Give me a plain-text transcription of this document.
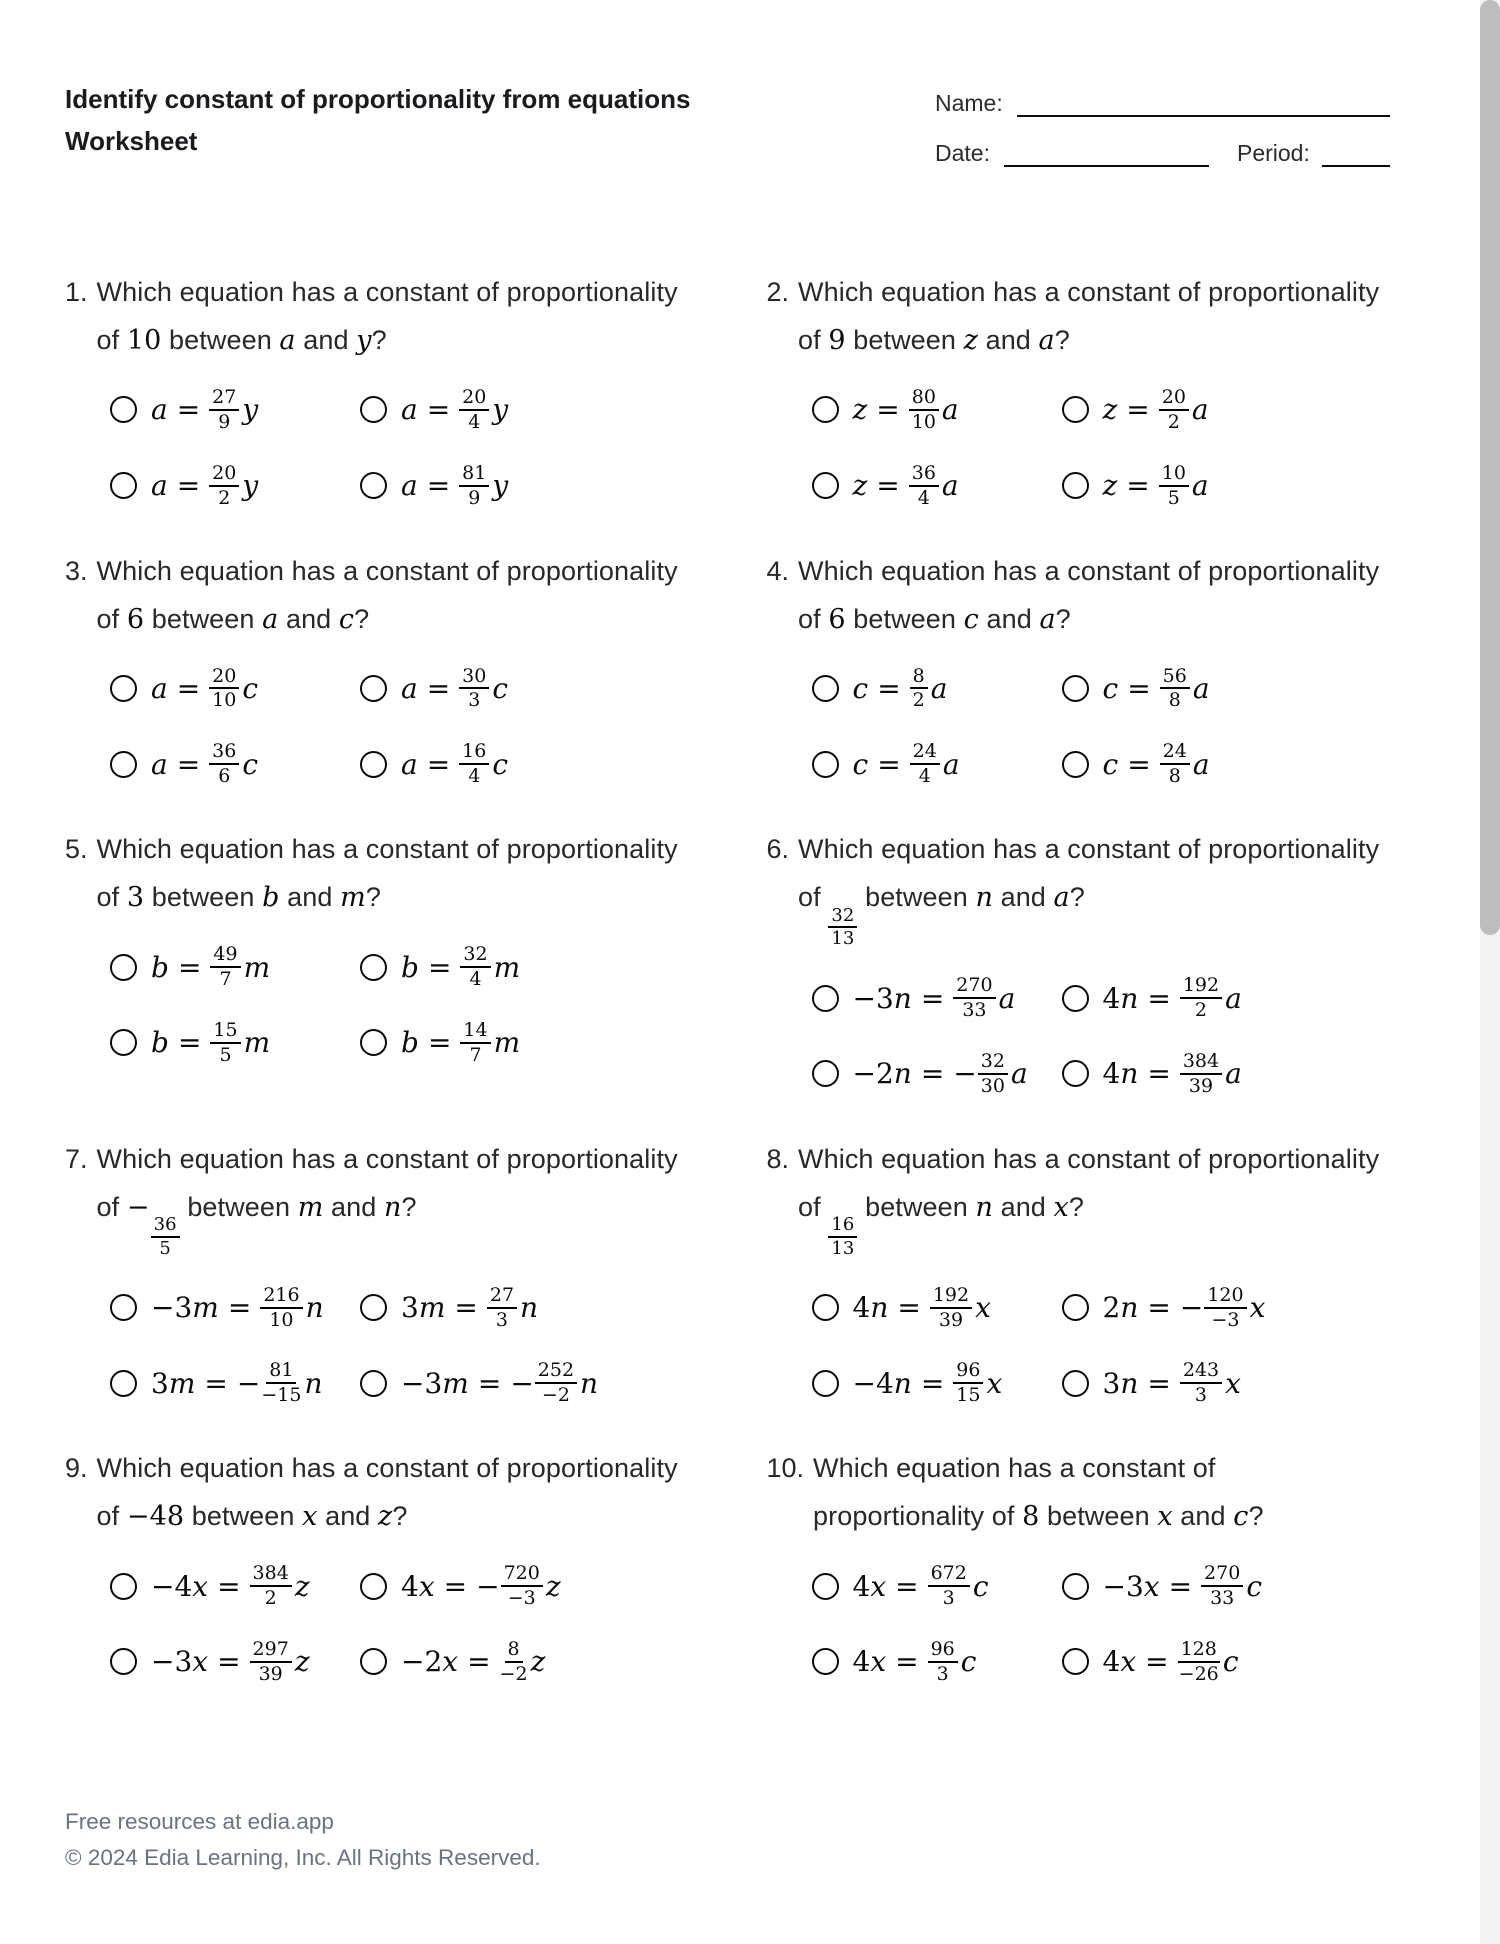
Identify constant of proportionality from equations
Worksheet
Name:
Date:	Period:
1. Which equation has a constant of proportionality
of 10 between a and y?
$a = \frac{27}{9}$ y	$a = \frac{20}{4}$ y
$a = \frac{20}{2}$ y	$a = \frac{81}{9}$ y
2. Which equation has a constant of proportionality
of 9 between z and a?
$z = \frac{80}{10}$ a	$z = \frac{20}{2}$ a
$z = \frac{36}{4}$ a	$z = \frac{10}{5}$ a
3. Which equation has a constant of proportionality
of 6 between a and c?
$a = \frac{20}{10}$ c	$a = \frac{30}{3}$ c
$a = \frac{36}{6}$ c	$a = \frac{16}{4}$ c
4. Which equation has a constant of proportionality
of 6 between c and a?
$c = \frac{8}{2}$ a	$c = \frac{56}{8}$ a
$c = \frac{24}{4}$ a	$c = \frac{24}{8}$ a
5. Which equation has a constant of proportionality
of 3 between b and m?
$b = \frac{49}{7}$ m	$b = \frac{32}{4}$ m
$b = \frac{15}{5}$ m	$b = \frac{14}{7}$ m
6. Which equation has a constant of proportionality
of
$\frac{32}{13}$
between n and a?
−3 $n = \frac{270}{33}$ a	4 $n = \frac{192}{2}$ a
−2 n = − $\frac{32}{30}$ a	4 $n = \frac{384}{39}$ a
7. Which equation has a constant of proportionality
of −
$\frac{36}{5}$
between m and n?
−3 $m = \frac{216}{10}$ n	3 $m = \frac{27}{3}$ n
3 m = − $\frac{81}{-15}$ n	−3 m = − $\frac{252}{-2}$ n
8. Which equation has a constant of proportionality
of
$\frac{16}{13}$
between n and x?
4 $n = \frac{192}{39}$ x	2 n = − $\frac{120}{-3}$ x
−4 $n = \frac{96}{15}$ x	3 $n = \frac{243}{3}$ x
9. Which equation has a constant of proportionality
of −48 between x and z?
−4 $x = \frac{384}{2}$ z	4 x = − $\frac{720}{-3}$ z
−3 $x = \frac{297}{39}$ z	−2 $x = \frac{8}{-2}$ z
10. Which equation has a constant of
proportionality of 8 between x and c?
4 $x = \frac{672}{3}$ c	−3 $x = \frac{270}{33}$ c
4 $x = \frac{96}{3}$ c	4 $x = \frac{128}{-26}$ c
Free resources at edia.app
© 2024 Edia Learning, Inc. All Rights Reserved.
